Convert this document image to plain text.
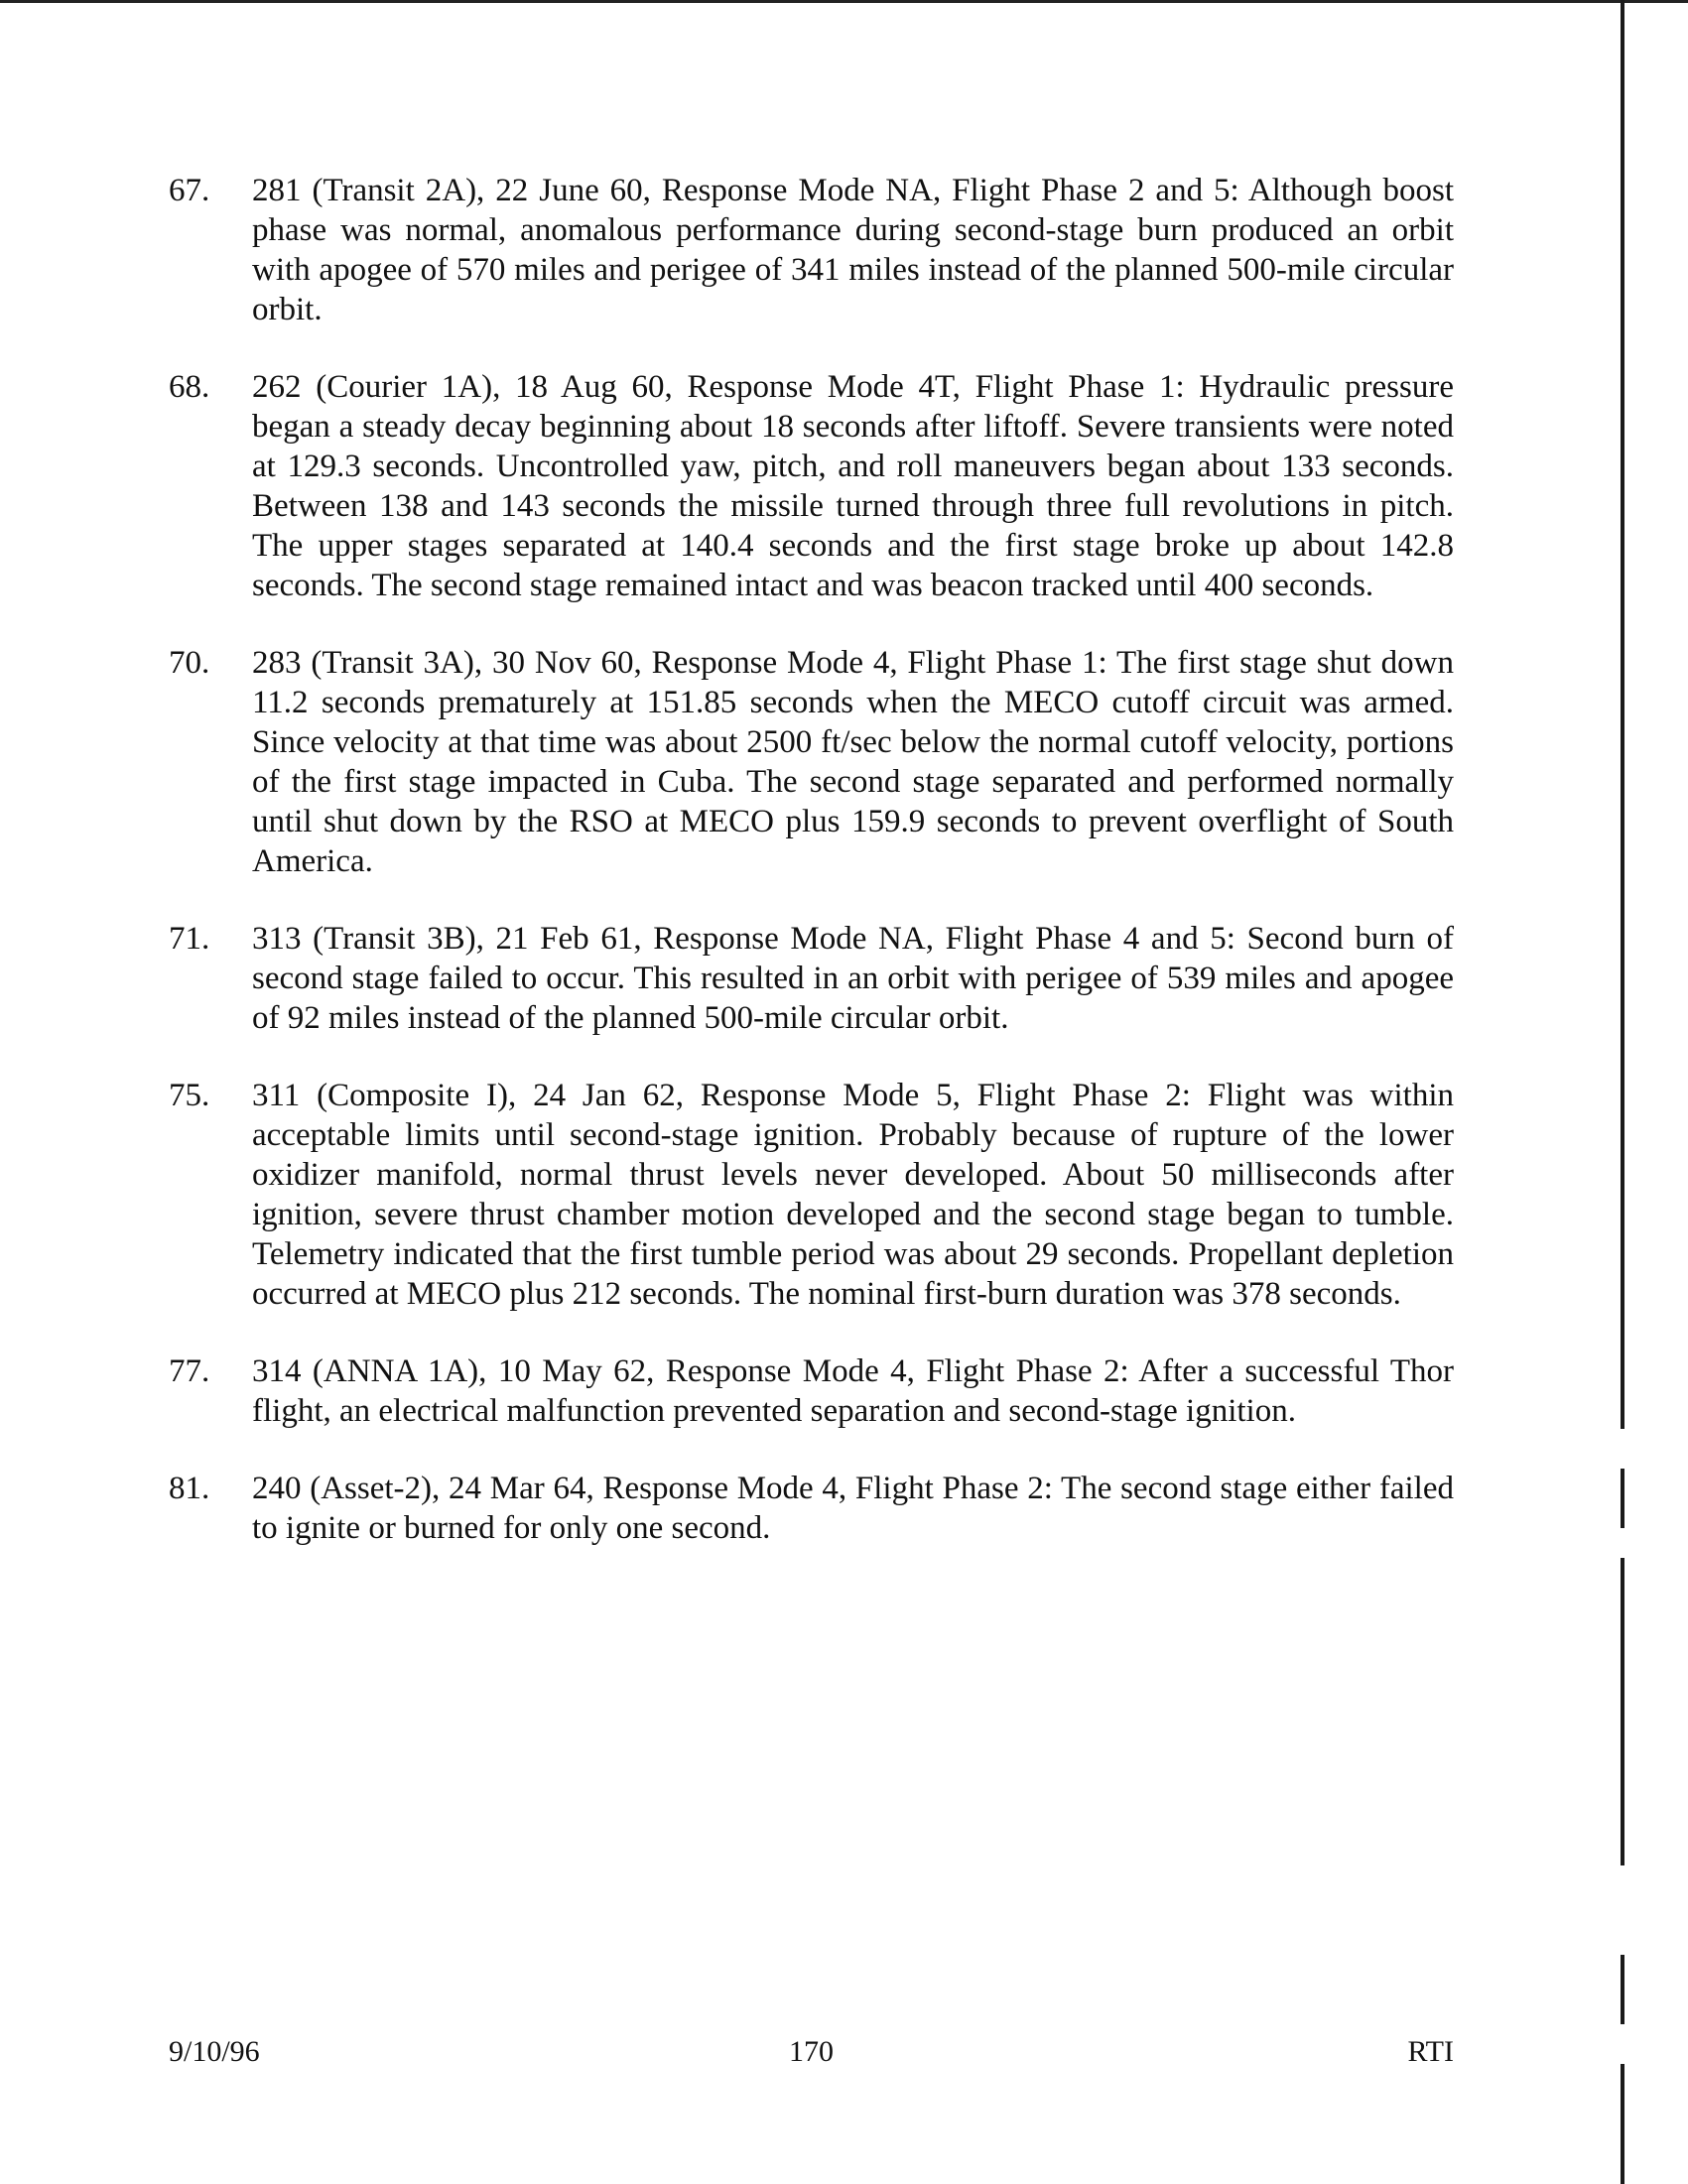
67. 281 (Transit 2A), 22 June 60, Response Mode NA, Flight Phase 2 and 5: Although boost phase was normal, anomalous performance during second-stage burn produced an orbit with apogee of 570 miles and perigee of 341 miles instead of the planned 500-mile circular orbit.
68. 262 (Courier 1A), 18 Aug 60, Response Mode 4T, Flight Phase 1: Hydraulic pressure began a steady decay beginning about 18 seconds after liftoff. Severe transients were noted at 129.3 seconds. Uncontrolled yaw, pitch, and roll maneuvers began about 133 seconds. Between 138 and 143 seconds the missile turned through three full revolutions in pitch. The upper stages separated at 140.4 seconds and the first stage broke up about 142.8 seconds. The second stage remained intact and was beacon tracked until 400 seconds.
70. 283 (Transit 3A), 30 Nov 60, Response Mode 4, Flight Phase 1: The first stage shut down 11.2 seconds prematurely at 151.85 seconds when the MECO cutoff circuit was armed. Since velocity at that time was about 2500 ft/sec below the normal cutoff velocity, portions of the first stage impacted in Cuba. The second stage separated and performed normally until shut down by the RSO at MECO plus 159.9 seconds to prevent overflight of South America.
71. 313 (Transit 3B), 21 Feb 61, Response Mode NA, Flight Phase 4 and 5: Second burn of second stage failed to occur. This resulted in an orbit with perigee of 539 miles and apogee of 92 miles instead of the planned 500-mile circular orbit.
75. 311 (Composite I), 24 Jan 62, Response Mode 5, Flight Phase 2: Flight was within acceptable limits until second-stage ignition. Probably because of rupture of the lower oxidizer manifold, normal thrust levels never developed. About 50 milliseconds after ignition, severe thrust chamber motion developed and the second stage began to tumble. Telemetry indicated that the first tumble period was about 29 seconds. Propellant depletion occurred at MECO plus 212 seconds. The nominal first-burn duration was 378 seconds.
77. 314 (ANNA 1A), 10 May 62, Response Mode 4, Flight Phase 2: After a successful Thor flight, an electrical malfunction prevented separation and second-stage ignition.
81. 240 (Asset-2), 24 Mar 64, Response Mode 4, Flight Phase 2: The second stage either failed to ignite or burned for only one second.
9/10/96	170	RTI
